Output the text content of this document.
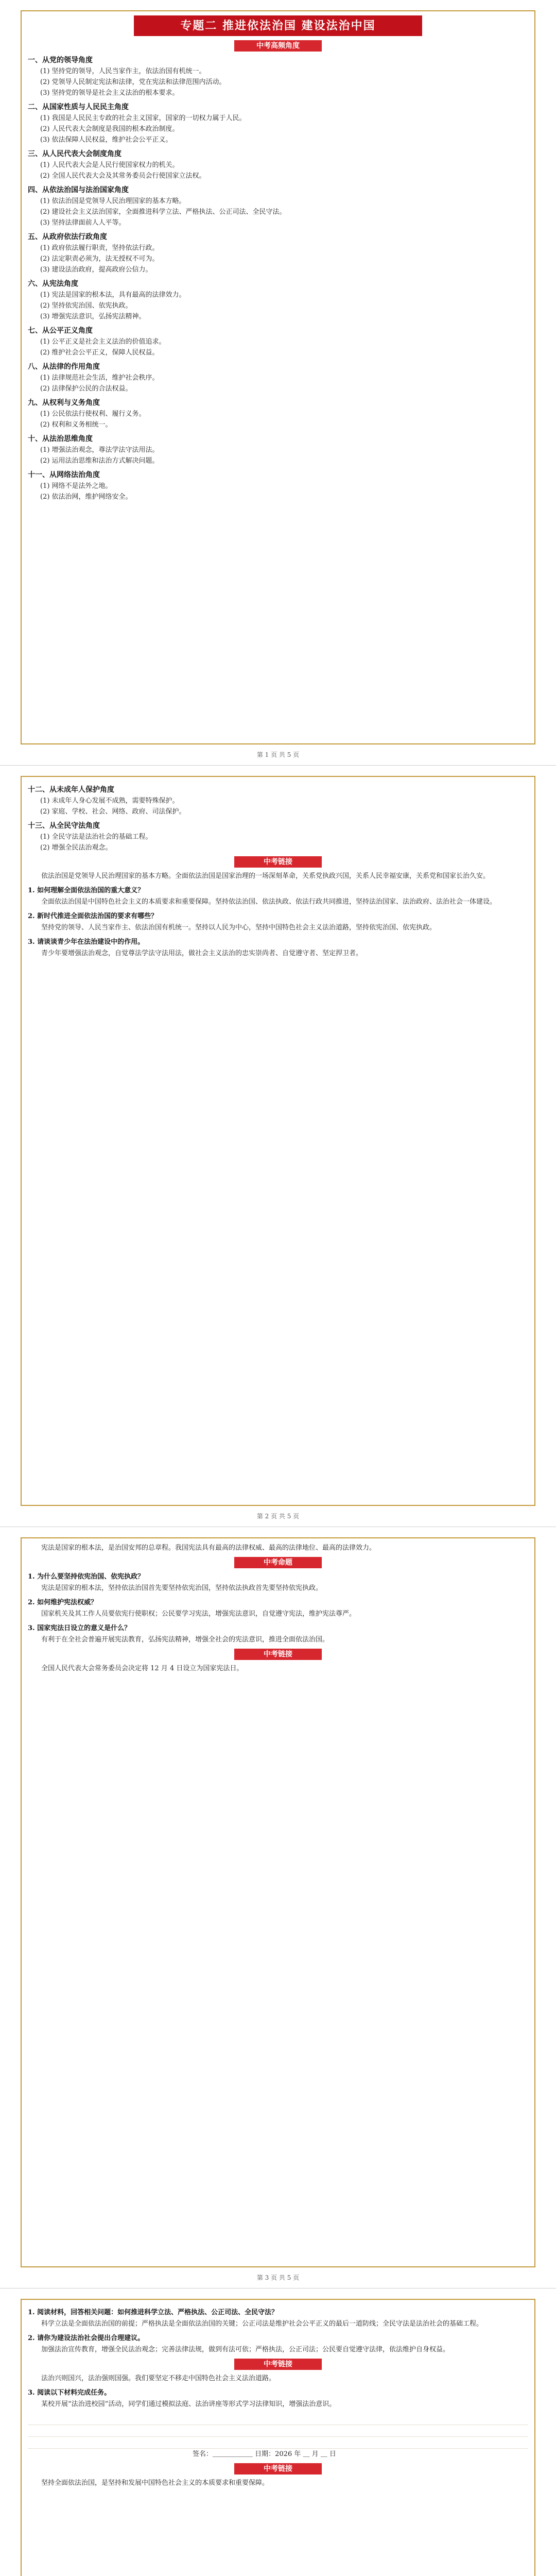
专题二 推进依法治国 建设法治中国
中考高频角度
一、从党的领导角度
(1) 坚持党的领导，人民当家作主，依法治国有机统一。
(2) 党领导人民制定宪法和法律，党在宪法和法律范围内活动。
(3) 坚持党的领导是社会主义法治的根本要求。
二、从国家性质与人民民主角度
(1) 我国是人民民主专政的社会主义国家，国家的一切权力属于人民。
(2) 人民代表大会制度是我国的根本政治制度。
(3) 依法保障人民权益，维护社会公平正义。
三、从人民代表大会制度角度
(1) 人民代表大会是人民行使国家权力的机关。
(2) 全国人民代表大会及其常务委员会行使国家立法权。
四、从依法治国与法治国家角度
(1) 依法治国是党领导人民治理国家的基本方略。
(2) 建设社会主义法治国家，全面推进科学立法、严格执法、公正司法、全民守法。
(3) 坚持法律面前人人平等。
五、从政府依法行政角度
(1) 政府依法履行职责，坚持依法行政。
(2) 法定职责必须为，法无授权不可为。
(3) 建设法治政府，提高政府公信力。
六、从宪法角度
(1) 宪法是国家的根本法，具有最高的法律效力。
(2) 坚持依宪治国、依宪执政。
(3) 增强宪法意识，弘扬宪法精神。
七、从公平正义角度
(1) 公平正义是社会主义法治的价值追求。
(2) 维护社会公平正义，保障人民权益。
八、从法律的作用角度
(1) 法律规范社会生活，维护社会秩序。
(2) 法律保护公民的合法权益。
九、从权利与义务角度
(1) 公民依法行使权利、履行义务。
(2) 权利和义务相统一。
十、从法治思维角度
(1) 增强法治观念，尊法学法守法用法。
(2) 运用法治思维和法治方式解决问题。
十一、从网络法治角度
(1) 网络不是法外之地。
(2) 依法治网，维护网络安全。
第 1 页 共 5 页
十二、从未成年人保护角度
(1) 未成年人身心发展不成熟，需要特殊保护。
(2) 家庭、学校、社会、网络、政府、司法保护。
十三、从全民守法角度
(1) 全民守法是法治社会的基础工程。
(2) 增强全民法治观念。
中考链接
依法治国是党领导人民治理国家的基本方略。全面依法治国是国家治理的一场深刻革命，关系党执政兴国，关系人民幸福安康，关系党和国家长治久安。
1. 如何理解全面依法治国的重大意义？
全面依法治国是中国特色社会主义的本质要求和重要保障。坚持依法治国、依法执政、依法行政共同推进，坚持法治国家、法治政府、法治社会一体建设。
2. 新时代推进全面依法治国的要求有哪些？
坚持党的领导、人民当家作主、依法治国有机统一。坚持以人民为中心，坚持中国特色社会主义法治道路，坚持依宪治国、依宪执政。
3. 请谈谈青少年在法治建设中的作用。
青少年要增强法治观念，自觉尊法学法守法用法，做社会主义法治的忠实崇尚者、自觉遵守者、坚定捍卫者。
第 2 页 共 5 页
宪法是国家的根本法，是治国安邦的总章程。我国宪法具有最高的法律权威、最高的法律地位、最高的法律效力。
中考命题
1. 为什么要坚持依宪治国、依宪执政？
宪法是国家的根本法，坚持依法治国首先要坚持依宪治国，坚持依法执政首先要坚持依宪执政。
2. 如何维护宪法权威？
国家机关及其工作人员要依宪行使职权；公民要学习宪法，增强宪法意识，自觉遵守宪法，维护宪法尊严。
3. 国家宪法日设立的意义是什么？
有利于在全社会普遍开展宪法教育，弘扬宪法精神，增强全社会的宪法意识，推进全面依法治国。
中考链接
全国人民代表大会常务委员会决定将 12 月 4 日设立为国家宪法日。
第 3 页 共 5 页
1. 阅读材料，回答相关问题：如何推进科学立法、严格执法、公正司法、全民守法？
科学立法是全面依法治国的前提；严格执法是全面依法治国的关键；公正司法是维护社会公平正义的最后一道防线；全民守法是法治社会的基础工程。
2. 请你为建设法治社会提出合理建议。
加强法治宣传教育，增强全民法治观念；完善法律法规，做到有法可依；严格执法，公正司法；公民要自觉遵守法律，依法维护自身权益。
中考链接
法治兴则国兴，法治强则国强。我们要坚定不移走中国特色社会主义法治道路。
3. 阅读以下材料完成任务。
某校开展“法治进校园”活动，同学们通过模拟法庭、法治讲座等形式学习法律知识，增强法治意识。
签名：＿＿＿＿＿＿ 日期：2026 年 ＿ 月 ＿ 日
中考链接
坚持全面依法治国，是坚持和发展中国特色社会主义的本质要求和重要保障。
